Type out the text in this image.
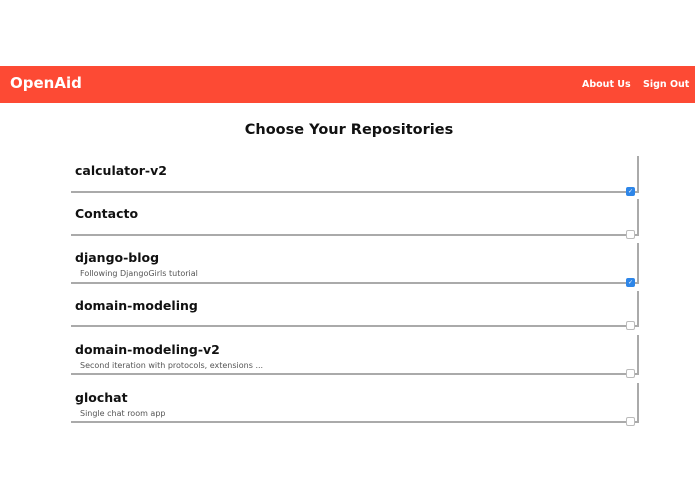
OpenAid	About Us Sign Out
Choose Your Repositories
calculator-v2
✓
Contacto
django-blog
Following DjangoGirls tutorial
✓
domain-modeling
domain-modeling-v2
Second iteration with protocols, extensions ...
glochat
Single chat room app
